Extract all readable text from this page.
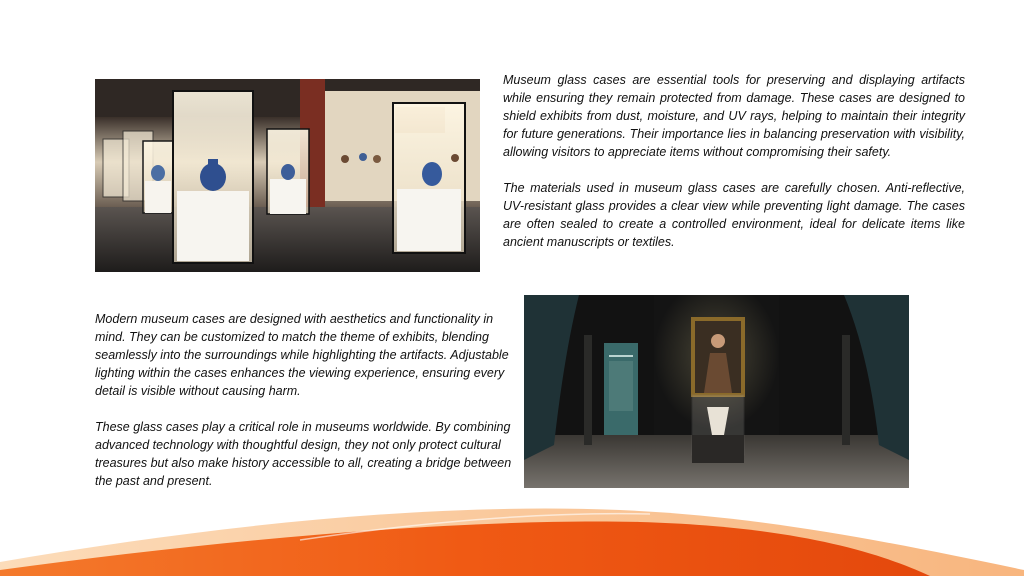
Museum glass cases are essential tools for preserving and displaying artifacts while ensuring they remain protected from damage. These cases are designed to shield exhibits from dust, moisture, and UV rays, helping to maintain their integrity for future generations. Their importance lies in balancing preservation with visibility, allowing visitors to appreciate items without compromising their safety.

The materials used in museum glass cases are carefully chosen. Anti-reflective, UV-resistant glass provides a clear view while preventing light damage. The cases are often sealed to create a controlled environment, ideal for delicate items like ancient manuscripts or textiles.

Modern museum cases are designed with aesthetics and functionality in mind. They can be customized to match the theme of exhibits, blending seamlessly into the surroundings while highlighting the artifacts. Adjustable lighting within the cases enhances the viewing experience, ensuring every detail is visible without causing harm.

These glass cases play a critical role in museums worldwide. By combining advanced technology with thoughtful design, they not only protect cultural treasures but also make history accessible to all, creating a bridge between the past and present.
